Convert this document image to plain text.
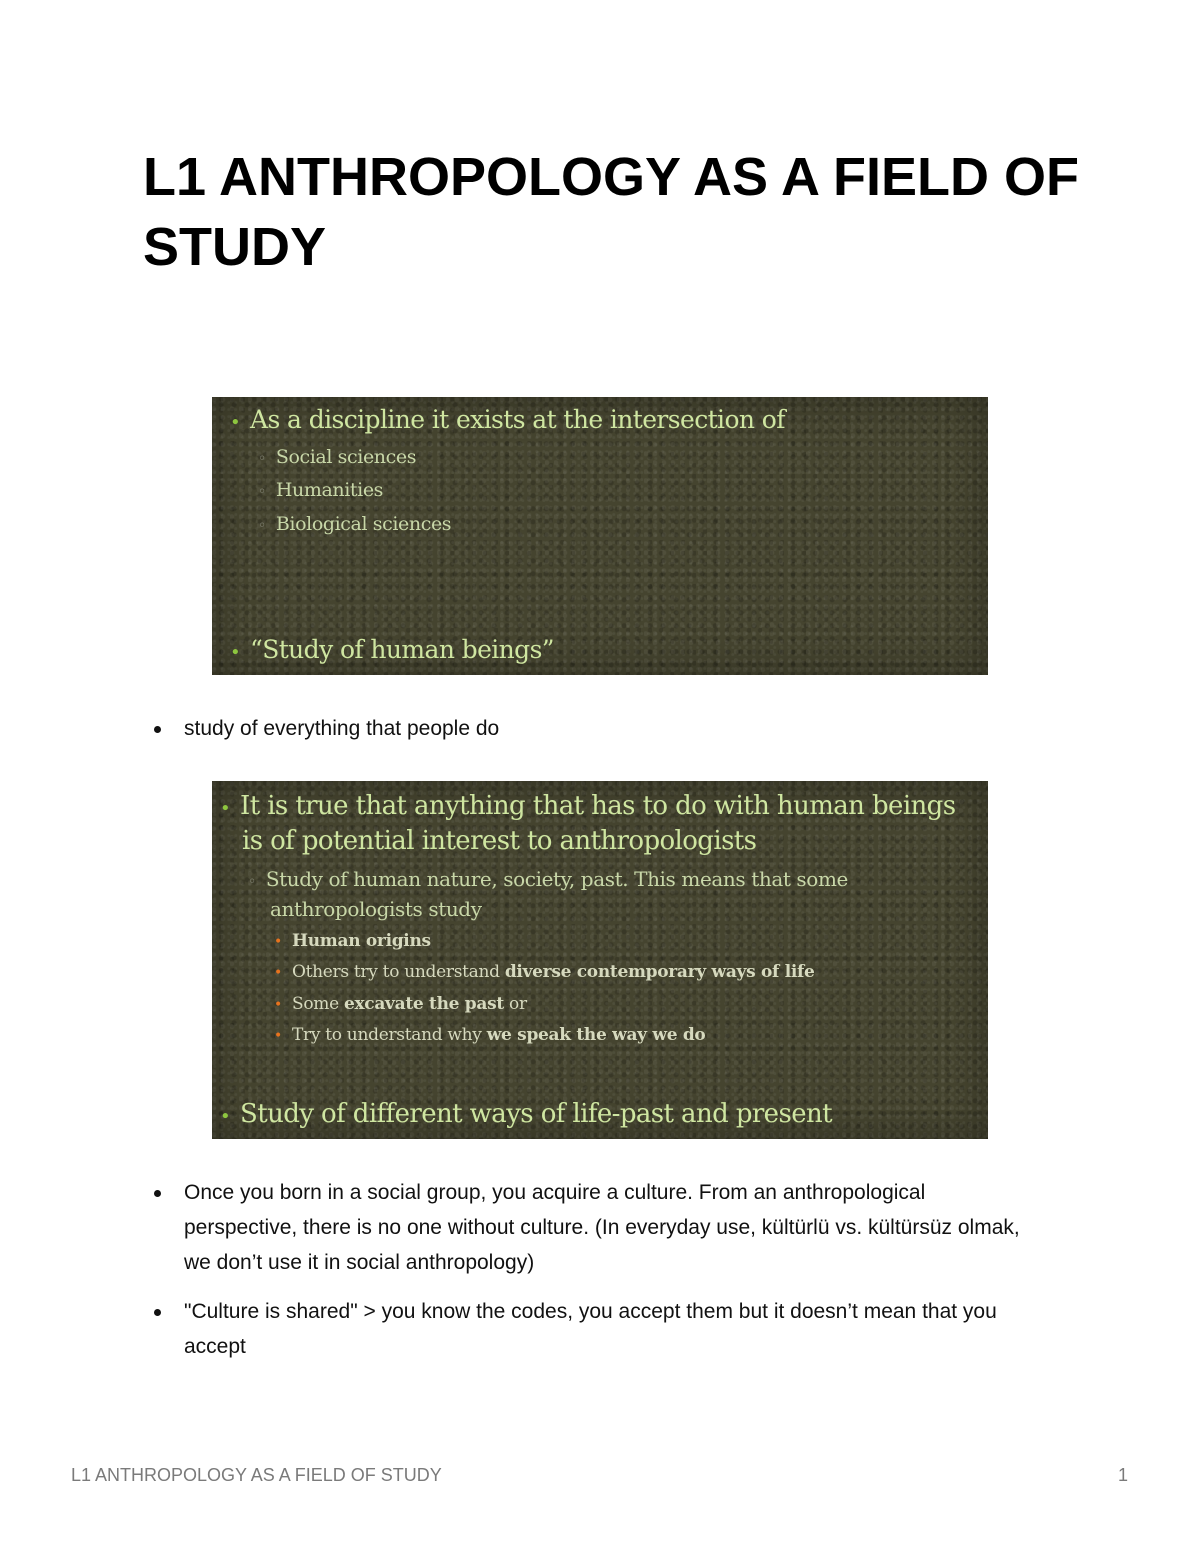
L1 ANTHROPOLOGY AS A FIELD OF STUDY
• As a discipline it exists at the intersection of
◦ Social sciences
◦ Humanities
◦ Biological sciences
• “Study of human beings”
study of everything that people do
• It is true that anything that has to do with human beings
is of potential interest to anthropologists
◦ Study of human nature, society, past. This means that some
anthropologists study
• Human origins
• Others try to understand diverse contemporary ways of life
• Some excavate the past or
• Try to understand why we speak the way we do
• Study of different ways of life-past and present
Once you born in a social group, you acquire a culture. From an anthropological perspective, there is no one without culture. (In everyday use, kültürlü vs. kültürsüz olmak, we don’t use it in social anthropology)
"Culture is shared" > you know the codes, you accept them but it doesn’t mean that you accept
L1 ANTHROPOLOGY AS A FIELD OF STUDY	1
